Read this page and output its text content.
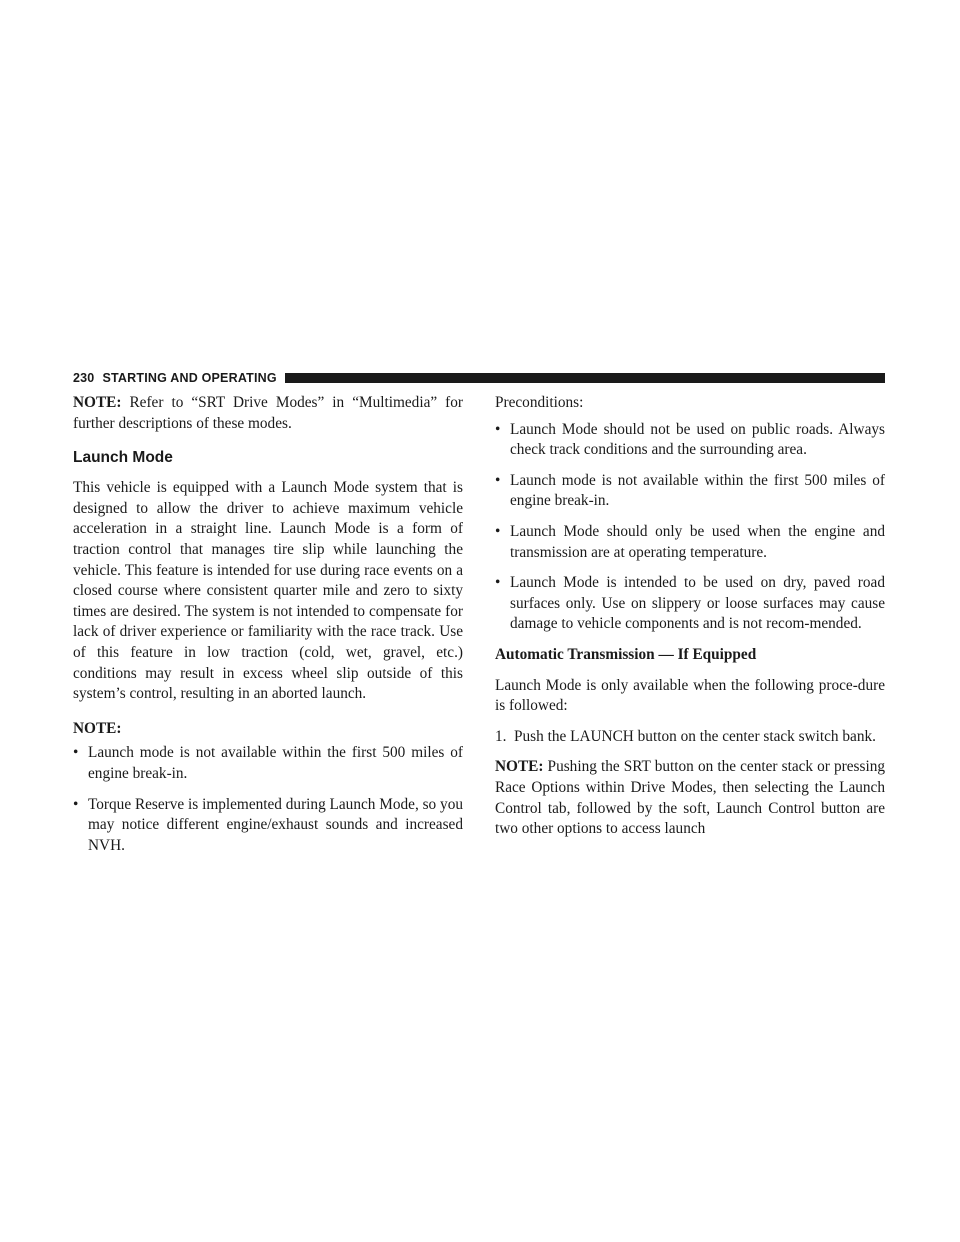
230 STARTING AND OPERATING

NOTE: Refer to “SRT Drive Modes” in “Multimedia” for further descriptions of these modes.

Launch Mode

This vehicle is equipped with a Launch Mode system that is designed to allow the driver to achieve maximum vehicle acceleration in a straight line. Launch Mode is a form of traction control that manages tire slip while launching the vehicle. This feature is intended for use during race events on a closed course where consistent quarter mile and zero to sixty times are desired. The system is not intended to compensate for lack of driver experience or familiarity with the race track. Use of this feature in low traction (cold, wet, gravel, etc.) conditions may result in excess wheel slip outside of this system’s control, resulting in an aborted launch.

NOTE:

• Launch mode is not available within the first 500 miles of engine break-in.
• Torque Reserve is implemented during Launch Mode, so you may notice different engine/exhaust sounds and increased NVH.

Preconditions:

• Launch Mode should not be used on public roads. Always check track conditions and the surrounding area.
• Launch mode is not available within the first 500 miles of engine break-in.
• Launch Mode should only be used when the engine and transmission are at operating temperature.
• Launch Mode is intended to be used on dry, paved road surfaces only. Use on slippery or loose surfaces may cause damage to vehicle components and is not recom-mended.

Automatic Transmission — If Equipped

Launch Mode is only available when the following proce-dure is followed:

1. Push the LAUNCH button on the center stack switch bank.

NOTE: Pushing the SRT button on the center stack or pressing Race Options within Drive Modes, then selecting the Launch Control tab, followed by the soft, Launch Control button are two other options to access launch
